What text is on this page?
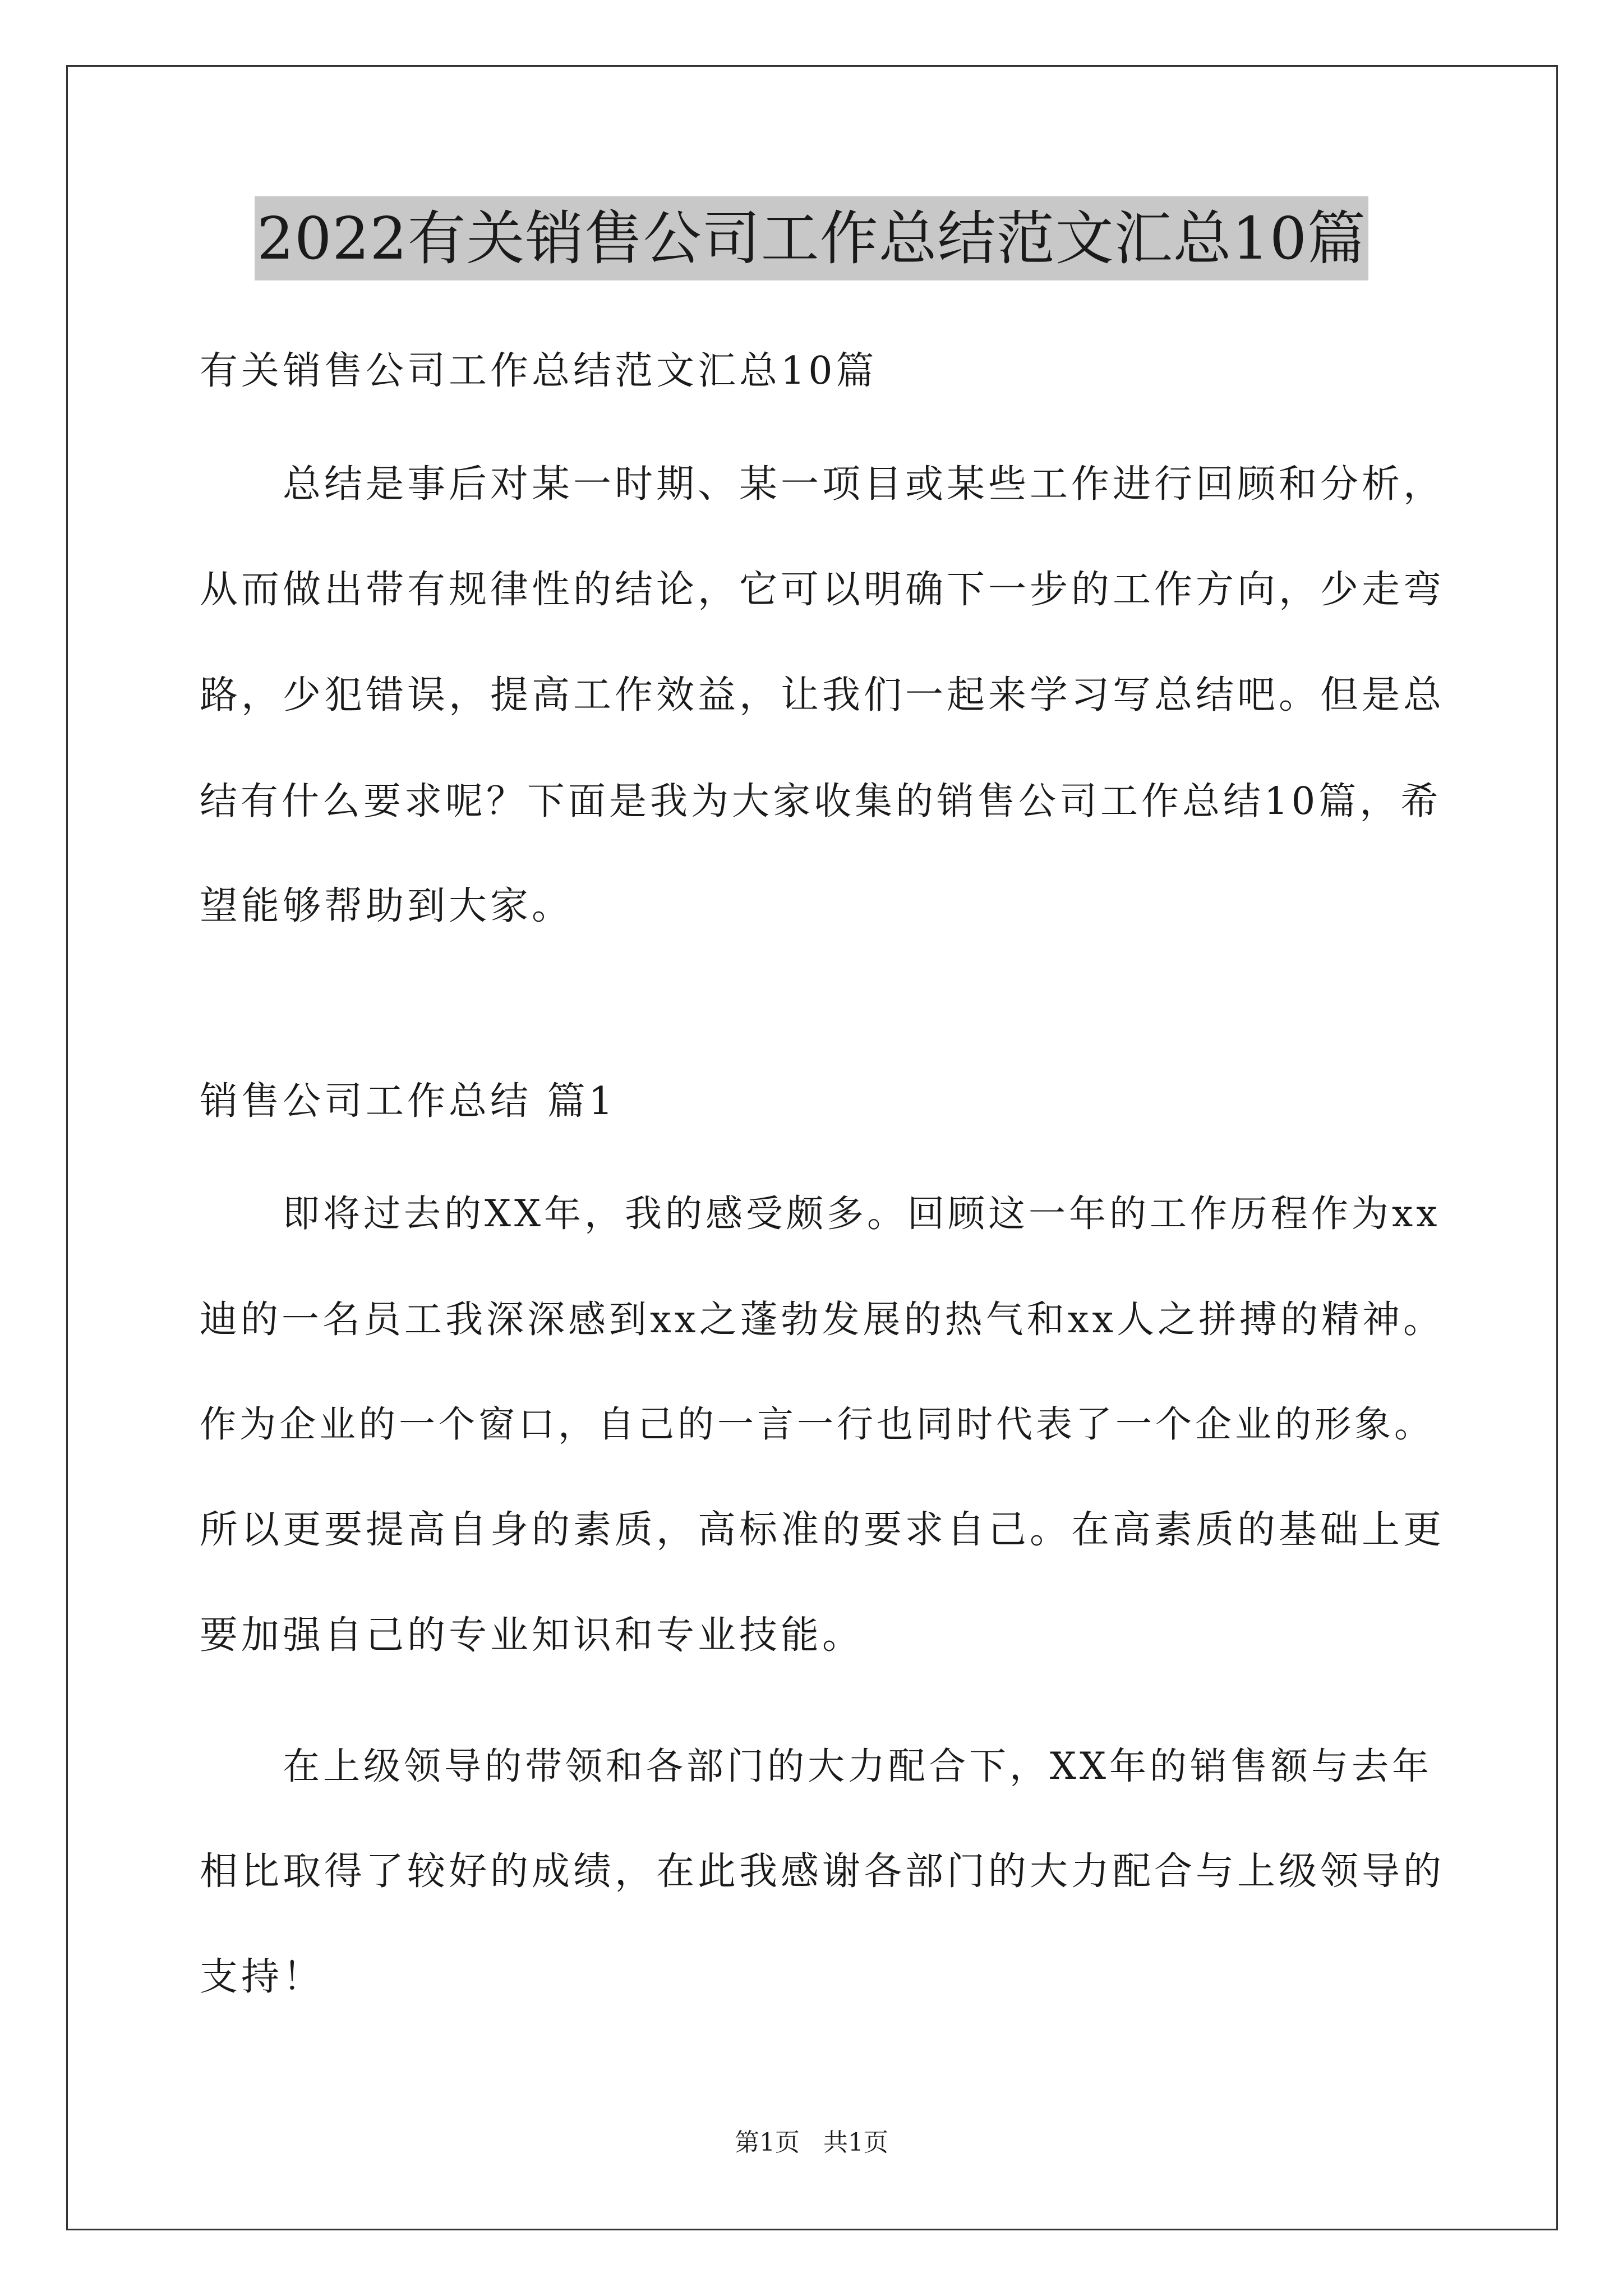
2022有关销售公司工作总结范文汇总10篇
有关销售公司工作总结范文汇总10篇
总结是事后对某一时期、某一项目或某些工作进行回顾和分析，
从而做出带有规律性的结论，它可以明确下一步的工作方向，少走弯
路，少犯错误，提高工作效益，让我们一起来学习写总结吧。但是总
结有什么要求呢？下面是我为大家收集的销售公司工作总结10篇，希
望能够帮助到大家。
销售公司工作总结 篇1
即将过去的XX年，我的感受颇多。回顾这一年的工作历程作为xx
迪的一名员工我深深感到xx之蓬勃发展的热气和xx人之拼搏的精神。
作为企业的一个窗口，自己的一言一行也同时代表了一个企业的形象。
所以更要提高自身的素质，高标准的要求自己。在高素质的基础上更
要加强自己的专业知识和专业技能。
在上级领导的带领和各部门的大力配合下，XX年的销售额与去年
相比取得了较好的成绩，在此我感谢各部门的大力配合与上级领导的
支持！
第1页   共1页
